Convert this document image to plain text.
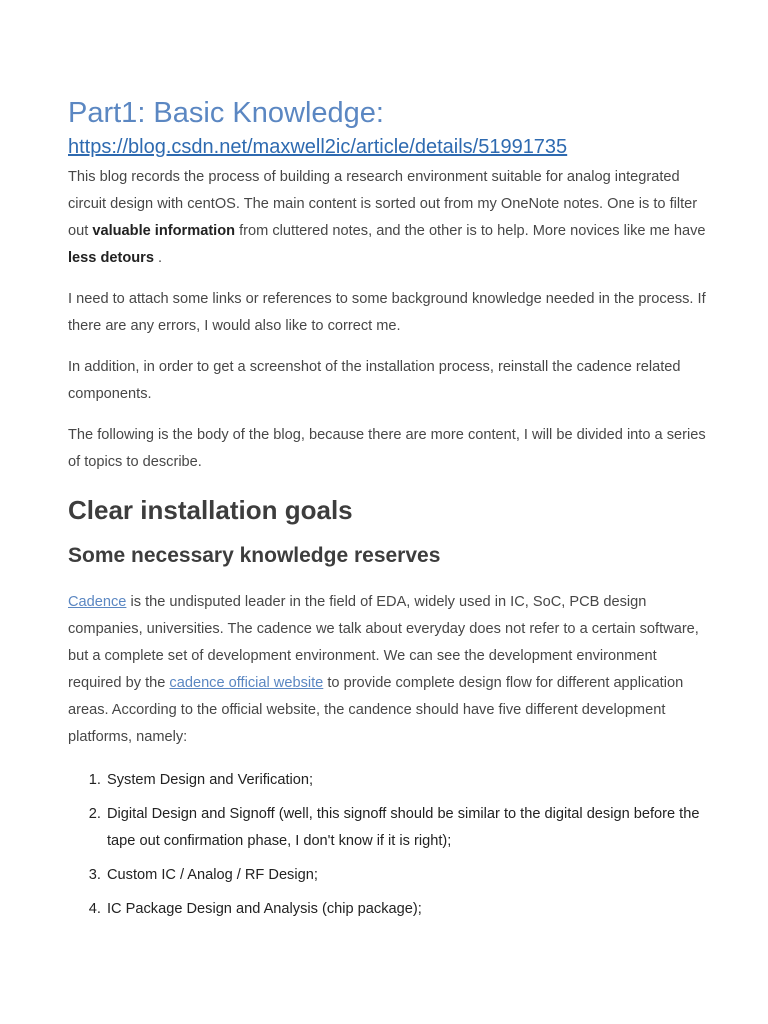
Part1: Basic Knowledge:
https://blog.csdn.net/maxwell2ic/article/details/51991735

This blog records the process of building a research environment suitable for analog integrated circuit design with centOS. The main content is sorted out from my OneNote notes. One is to filter out valuable information from cluttered notes, and the other is to help. More novices like me have less detours .

I need to attach some links or references to some background knowledge needed in the process. If there are any errors, I would also like to correct me.

In addition, in order to get a screenshot of the installation process, reinstall the cadence related components.

The following is the body of the blog, because there are more content, I will be divided into a series of topics to describe.

Clear installation goals
Some necessary knowledge reserves

Cadence is the undisputed leader in the field of EDA, widely used in IC, SoC, PCB design companies, universities. The cadence we talk about everyday does not refer to a certain software, but a complete set of development environment. We can see the development environment required by the cadence official website to provide complete design flow for different application areas. According to the official website, the candence should have five different development platforms, namely:

1. System Design and Verification;
2. Digital Design and Signoff (well, this signoff should be similar to the digital design before the tape out confirmation phase, I don't know if it is right);
3. Custom IC / Analog / RF Design;
4. IC Package Design and Analysis (chip package);
